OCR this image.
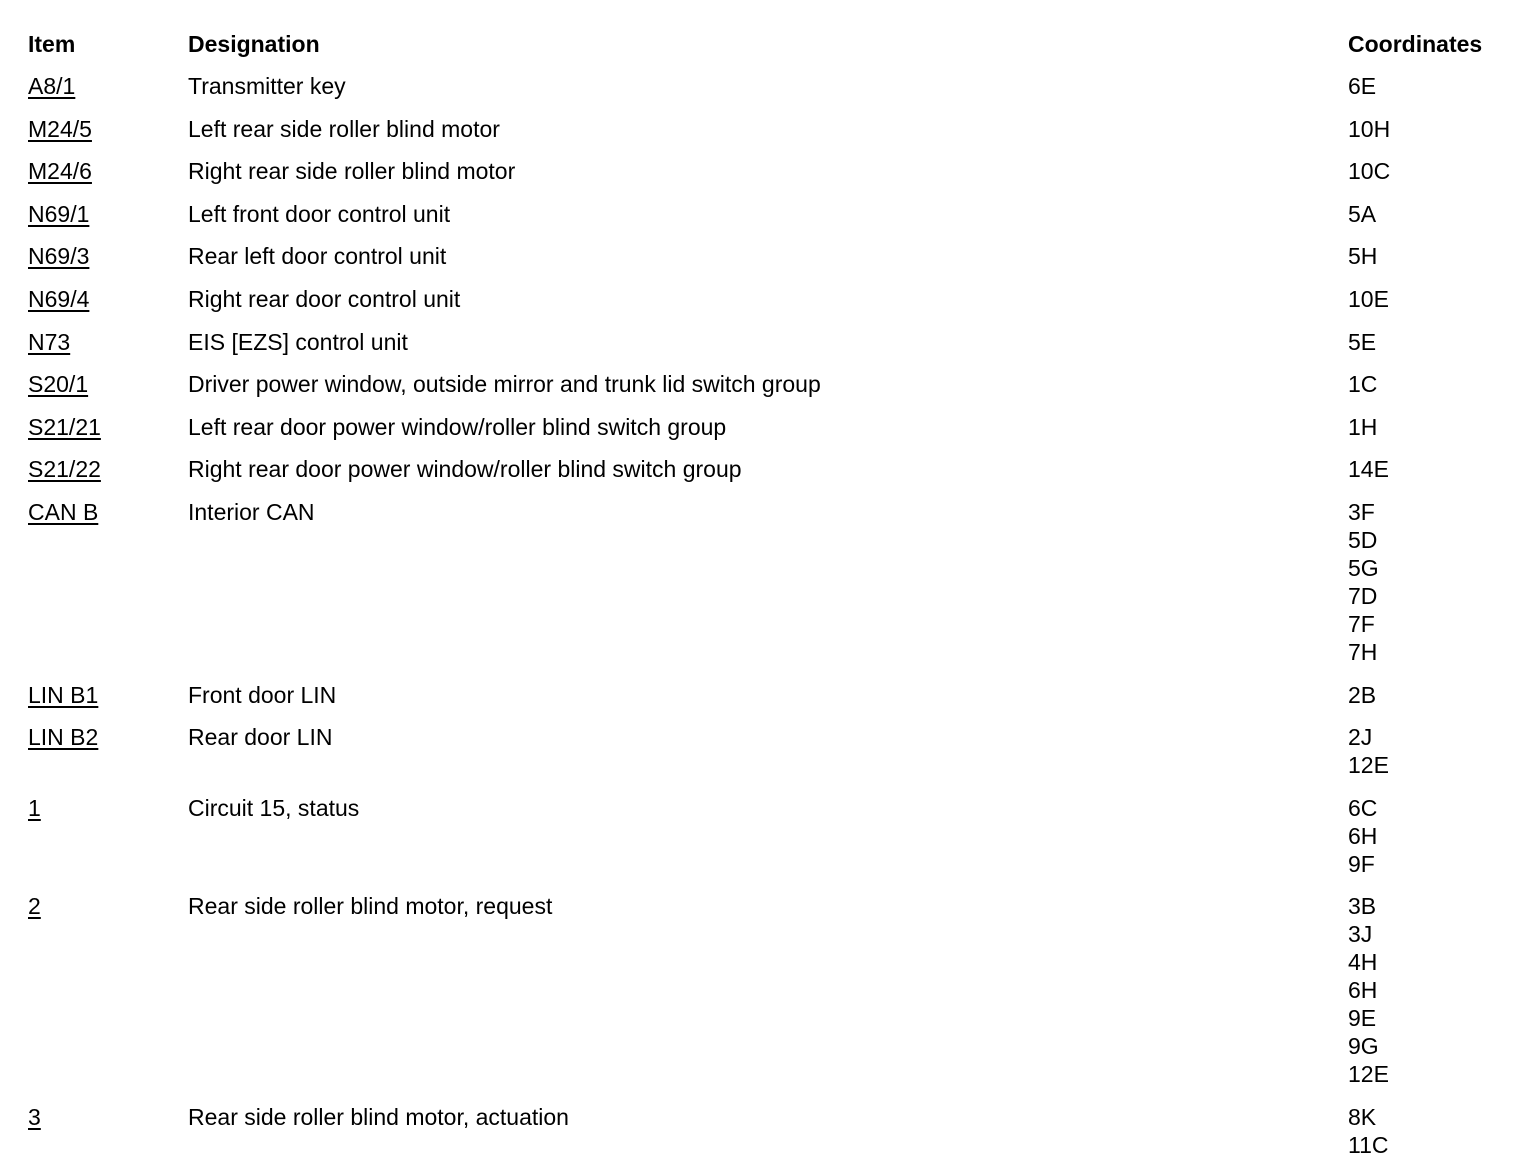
Item	Designation	Coordinates
A8/1	Transmitter key	6E
M24/5	Left rear side roller blind motor	10H
M24/6	Right rear side roller blind motor	10C
N69/1	Left front door control unit	5A
N69/3	Rear left door control unit	5H
N69/4	Right rear door control unit	10E
N73	EIS [EZS] control unit	5E
S20/1	Driver power window, outside mirror and trunk lid switch group	1C
S21/21	Left rear door power window/roller blind switch group	1H
S21/22	Right rear door power window/roller blind switch group	14E
CAN B	Interior CAN	3F
5D
5G
7D
7F
7H
LIN B1	Front door LIN	2B
LIN B2	Rear door LIN	2J
12E
1	Circuit 15, status	6C
6H
9F
2	Rear side roller blind motor, request	3B
3J
4H
6H
9E
9G
12E
3	Rear side roller blind motor, actuation	8K
11C
